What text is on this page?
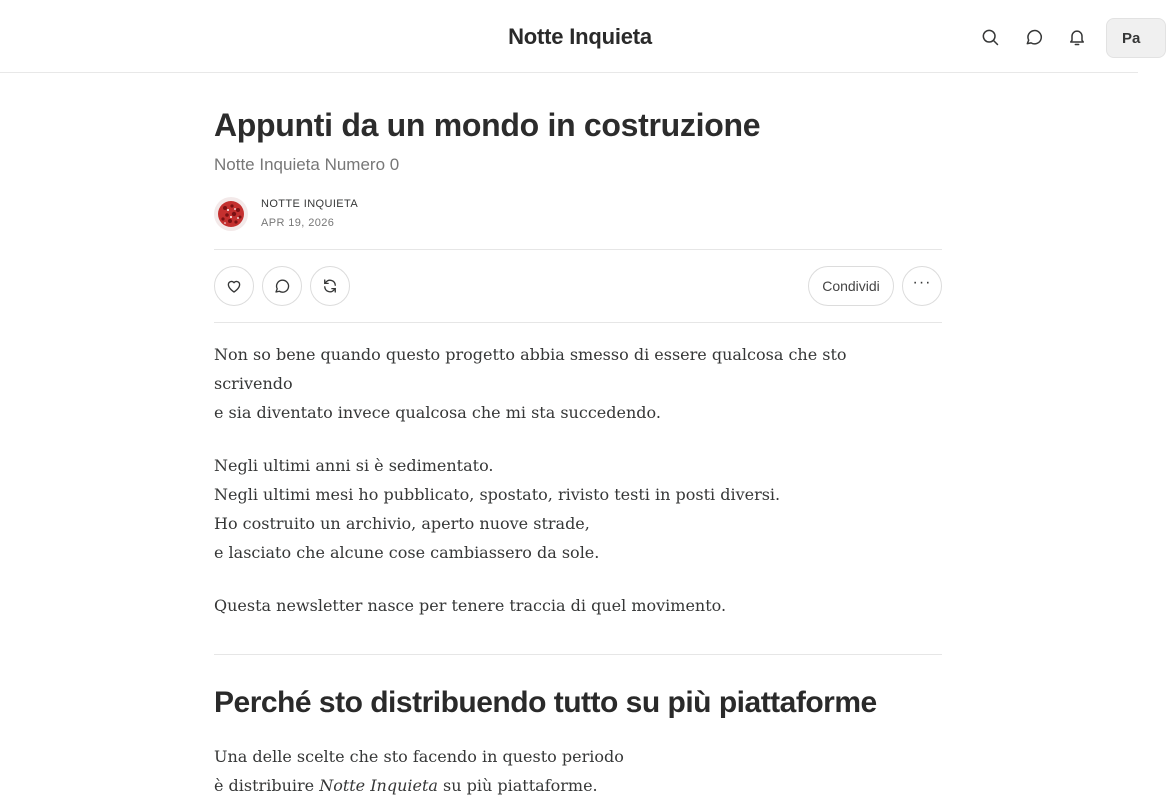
Notte Inquieta	Pa
Appunti da un mondo in costruzione
Notte Inquieta Numero 0
NOTTE INQUIETA
APR 19, 2026
Condividi	···
Non so bene quando questo progetto abbia smesso di essere qualcosa che sto
scrivendo
e sia diventato invece qualcosa che mi sta succedendo.
Negli ultimi anni si è sedimentato.
Negli ultimi mesi ho pubblicato, spostato, rivisto testi in posti diversi.
Ho costruito un archivio, aperto nuove strade,
e lasciato che alcune cose cambiassero da sole.
Questa newsletter nasce per tenere traccia di quel movimento.
Perché sto distribuendo tutto su più piattaforme
Una delle scelte che sto facendo in questo periodo
è distribuire Notte Inquieta su più piattaforme.
